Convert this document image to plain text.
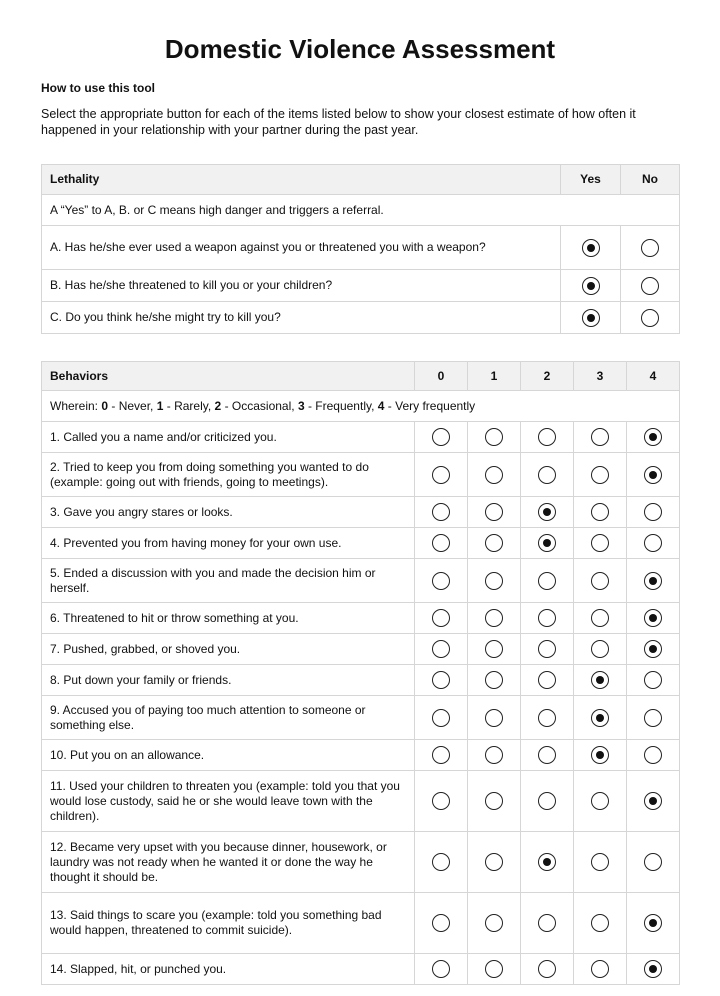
Domestic Violence Assessment
How to use this tool
Select the appropriate button for each of the items listed below to show your closest estimate of how often it happened in your relationship with your partner during the past year.
Lethality	Yes	No
A “Yes” to A, B. or C means high danger and triggers a referral.		
A. Has he/she ever used a weapon against you or threatened you with a weapon?		
B. Has he/she threatened to kill you or your children?		
C. Do you think he/she might try to kill you?		
Behaviors	0	1	2	3	4
Wherein: 0 - Never, 1 - Rarely, 2 - Occasional, 3 - Frequently, 4 - Very frequently					
1. Called you a name and/or criticized you.					
2. Tried to keep you from doing something you wanted to do (example: going out with friends, going to meetings).					
3. Gave you angry stares or looks.					
4. Prevented you from having money for your own use.					
5. Ended a discussion with you and made the decision him or herself.					
6. Threatened to hit or throw something at you.					
7. Pushed, grabbed, or shoved you.					
8. Put down your family or friends.					
9. Accused you of paying too much attention to someone or something else.					
10. Put you on an allowance.					
11. Used your children to threaten you (example: told you that you would lose custody, said he or she would leave town with the children).					
12. Became very upset with you because dinner, housework, or laundry was not ready when he wanted it or done the way he thought it should be.					
13. Said things to scare you (example: told you something bad would happen, threatened to commit suicide).					
14. Slapped, hit, or punched you.					
